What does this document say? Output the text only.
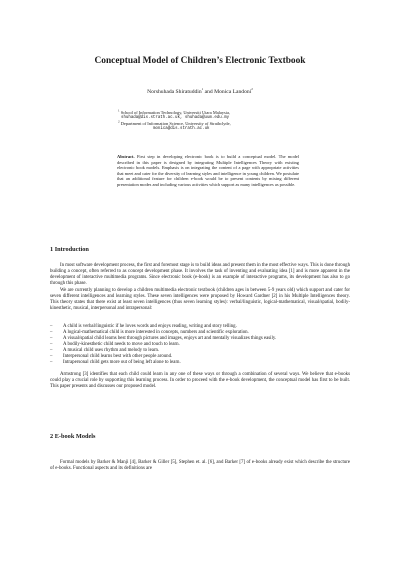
Conceptual Model of Children’s Electronic Textbook
Norshuhada Shiratuddin$^1$ and Monica Landoni$^2$
$^1$ School of Information Technology, Universiti Utara Malaysia,
shuhada@dis.strath.ac.uk, shuhada@uum.edu.my
$^2$ Department of Information Science, University of Strathclyde,
monica@dis.strath.ac.uk
Abstract. First step in developing electronic book is to build a conceptual model. The model described in this paper is designed by integrating Multiple Intelligences Theory with existing electronic book models. Emphasis is on integrating the content of a page with appropriate activities that meet and cater for the diversity of learning styles and intelligence in young children. We postulate that an additional feature for children e-book would be to present contents by mixing different presentation modes and including various activities which support as many intelligences as possible.
1 Introduction

In most software development process, the first and foremost stage is to build ideas and present them in the most effective ways. This is done through building a concept, often referred to as concept development phase. It involves the task of inventing and evaluating idea [1] and is more apparent in the development of interactive multimedia programs. Since electronic book (e-book) is an example of interactive programs, its development has also to go through this phase.

We are currently planning to develop a children multimedia electronic textbook (children ages in between 5-9 years old) which support and cater for seven different intelligences and learning styles. These seven intelligences were proposed by Howard Gardner [2] in his Multiple Intelligences theory. This theory states that there exist at least seven intelligences (thus seven learning styles): verbal/linguistic, logical-mathematical, visual/spatial, bodily-kinesthetic, musical, interpersonal and intrapersonal:

– A child is verbal/linguistic if he loves words and enjoys reading, writing and story telling.
– A logical-mathematical child is more interested in concepts, numbers and scientific exploration.
– A visual/spatial child learns best through pictures and images, enjoys art and mentally visualizes things easily.
– A bodily-kinesthetic child needs to move and touch to learn.
– A musical child uses rhythm and melody to learn.
– Interpersonal child learns best with other people around.
– Intrapersonal child gets more out of being left alone to learn.

Armstrong [3] identifies that each child could learn in any one of these ways or through a combination of several ways. We believe that e-books could play a crucial role by supporting this learning process. In order to proceed with the e-book development, the conceptual model has first to be built. This paper presents and discusses our proposed model.

2 E-book Models

Formal models by Barker & Manji [4], Barker & Giller [5], Stephen et. al. [6], and Barker [7] of e-books already exist which describe the structure of e-books. Functional aspects and its definitions are
